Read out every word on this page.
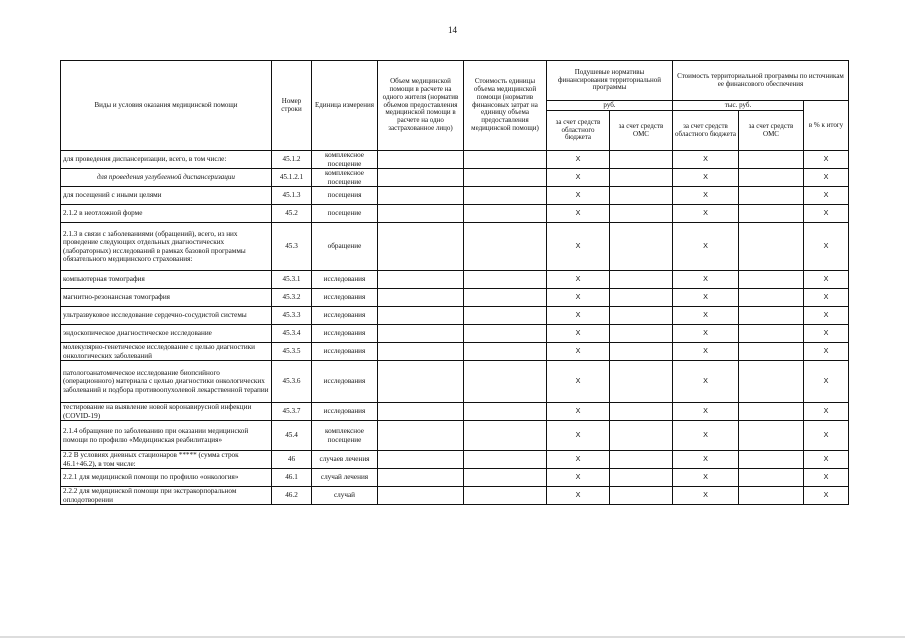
14
Виды и условия оказания медицинской помощи	Номер строки	Единица измерения	Объем медицинской помощи в расчете на одного жителя (норматив объемов предоставления медицинской помощи в расчете на одно застрахованное лицо)	Стоимость единицы объема медицинской помощи (норматив финансовых затрат на единицу объема предоставления медицинской помощи)	Подушевые нормативы финансирования территориальной программы		Стоимость территориальной программы по источникам ее финансового обеспечения		
					руб.		тыс. руб.		в % к итогу
					за счет средств областного бюджета	за счет средств ОМС	за счет средств областного бюджета	за счет средств ОМС	
для проведения диспансеризации, всего, в том числе:	45.1.2	комплексное посещение			X		X		X
для проведения углубленной диспансеризации	45.1.2.1	комплексное посещение			X		X		X
для посещений с иными целями	45.1.3	посещения			X		X		X
2.1.2 в неотложной форме	45.2	посещение			X		X		X
2.1.3 в связи с заболеваниями (обращений), всего, из них проведение следующих отдельных диагностических (лабораторных) исследований в рамках базовой программы обязательного медицинского страхования:	45.3	обращение			X		X		X
компьютерная томография	45.3.1	исследования			X		X		X
магнитно-резонансная томография	45.3.2	исследования			X		X		X
ультразвуковое исследование сердечно-сосудистой системы	45.3.3	исследования			X		X		X
эндоскопическое диагностическое исследование	45.3.4	исследования			X		X		X
молекулярно-генетическое исследование с целью диагностики онкологических заболеваний	45.3.5	исследования			X		X		X
патологоанатомическое исследование биопсийного (операционного) материала с целью диагностики онкологических заболеваний и подбора противоопухолевой лекарственной терапии	45.3.6	исследования			X		X		X
тестирование на выявление новой коронавирусной инфекции (COVID-19)	45.3.7	исследования			X		X		X
2.1.4 обращение по заболеванию при оказании медицинской помощи по профилю «Медицинская реабилитация»	45.4	комплексное посещение			X		X		X
2.2 В условиях дневных стационаров ***** (сумма строк 46.1+46.2), в том числе:	46	случаев лечения			X		X		X
2.2.1 для медицинской помощи по профилю «онкология»	46.1	случай лечения			X		X		X
2.2.2 для медицинской помощи при экстракорпоральном оплодотворении	46.2	случай			X		X		X
